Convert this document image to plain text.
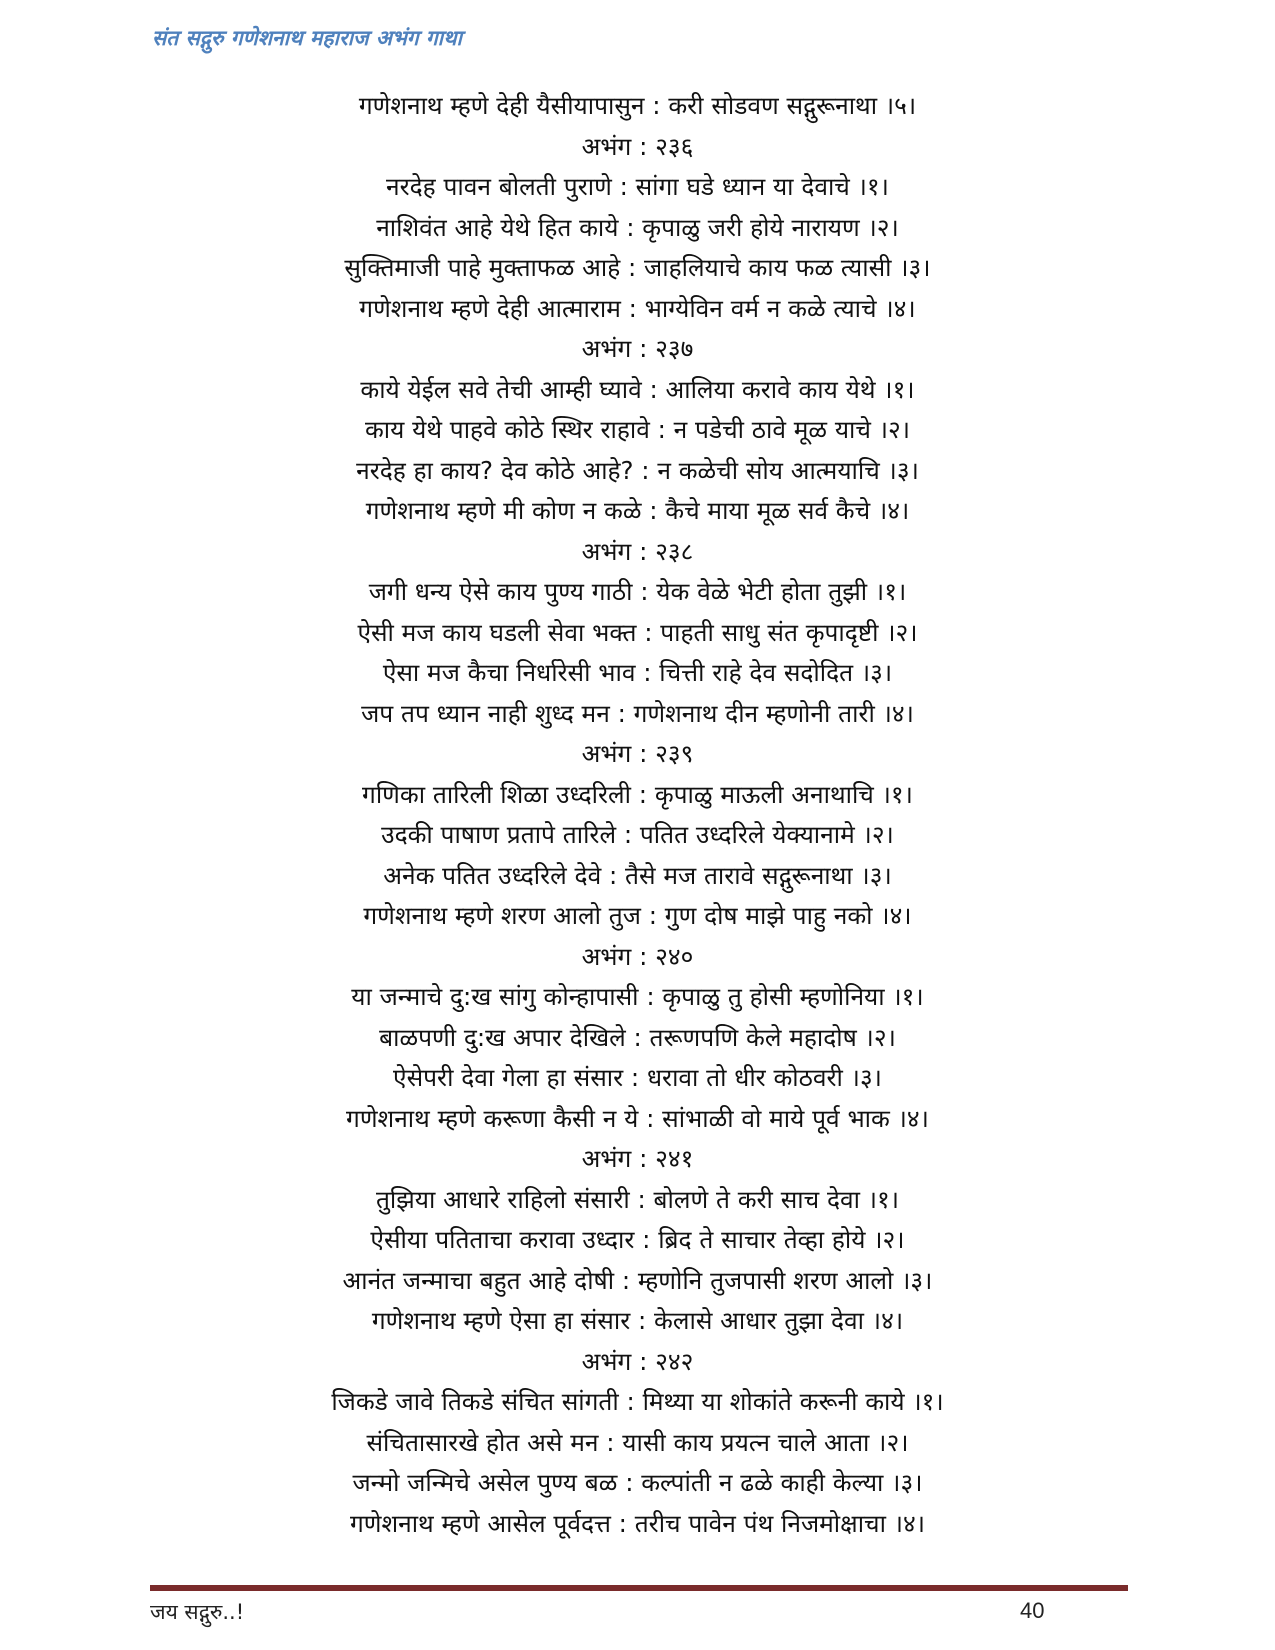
संत सद्गुरु गणेशनाथ महाराज अभंग गाथा
गणेशनाथ म्हणे देही यैसीयापासुन : करी सोडवण सद्गुरूनाथा ।५।
अभंग : २३६
नरदेह पावन बोलती पुराणे : सांगा घडे ध्यान या देवाचे ।१।
नाशिवंत आहे येथे हित काये : कृपाळु जरी होये नारायण ।२।
सुक्तिमाजी पाहे मुक्ताफळ आहे : जाहलियाचे काय फळ त्यासी ।३।
गणेशनाथ म्हणे देही आत्माराम : भाग्येविन वर्म न कळे त्याचे ।४।
अभंग : २३७
काये येईल सवे तेची आम्ही घ्यावे : आलिया करावे काय येथे ।१।
काय येथे पाहवे कोठे स्थिर राहावे : न पडेची ठावे मूळ याचे ।२।
नरदेह हा काय? देव कोठे आहे? : न कळेची सोय आत्मयाचि ।३।
गणेशनाथ म्हणे मी कोण न कळे : कैचे माया मूळ सर्व कैचे ।४।
अभंग : २३८
जगी धन्य ऐसे काय पुण्य गाठी : येक वेळे भेटी होता तुझी ।१।
ऐसी मज काय घडली सेवा भक्त : पाहती साधु संत कृपादृष्टी ।२।
ऐसा मज कैचा निर्धारेसी भाव : चित्ती राहे देव सदोदित ।३।
जप तप ध्यान नाही शुध्द मन : गणेशनाथ दीन म्हणोनी तारी ।४।
अभंग : २३९
गणिका तारिली शिळा उध्दरिली : कृपाळु माऊली अनाथाचि ।१।
उदकी पाषाण प्रतापे तारिले : पतित उध्दरिले येक्यानामे ।२।
अनेक पतित उध्दरिले देवे : तैसे मज तारावे सद्गुरूनाथा ।३।
गणेशनाथ म्हणे शरण आलो तुज : गुण दोष माझे पाहु नको ।४।
अभंग : २४०
या जन्माचे दु:ख सांगु कोन्हापासी : कृपाळु तु होसी म्हणोनिया ।१।
बाळपणी दु:ख अपार देखिले : तरूणपणि केले महादोष ।२।
ऐसेपरी देवा गेला हा संसार : धरावा तो धीर कोठवरी ।३।
गणेशनाथ म्हणे करूणा कैसी न ये : सांभाळी वो माये पूर्व भाक ।४।
अभंग : २४१
तुझिया आधारे राहिलो संसारी : बोलणे ते करी साच देवा ।१।
ऐसीया पतिताचा करावा उध्दार : ब्रिद ते साचार तेव्हा होये ।२।
आनंत जन्माचा बहुत आहे दोषी : म्हणोनि तुजपासी शरण आलो ।३।
गणेशनाथ म्हणे ऐसा हा संसार : केलासे आधार तुझा देवा ।४।
अभंग : २४२
जिकडे जावे तिकडे संचित सांगती : मिथ्या या शोकांते करूनी काये ।१।
संचितासारखे होत असे मन : यासी काय प्रयत्न चाले आता ।२।
जन्मो जन्मिचे असेल पुण्य बळ : कल्पांती न ढळे काही केल्या ।३।
गणेशनाथ म्हणे आसेल पूर्वदत्त : तरीच पावेन पंथ निजमोक्षाचा ।४।
जय सद्गुरु..!	40
